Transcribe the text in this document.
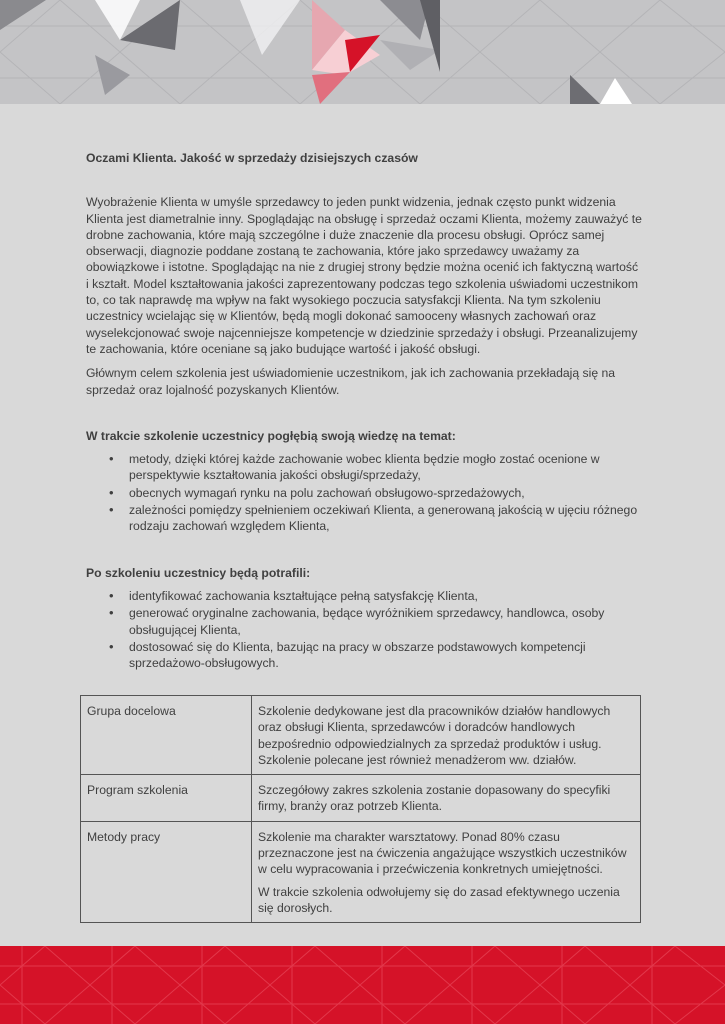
Oczami Klienta. Jakość w sprzedaży dzisiejszych czasów

Wyobrażenie Klienta w umyśle sprzedawcy to jeden punkt widzenia, jednak często punkt widzenia Klienta jest diametralnie inny. Spoglądając na obsługę i sprzedaż oczami Klienta, możemy zauważyć te drobne zachowania, które mają szczególne i duże znaczenie dla procesu obsługi. Oprócz samej obserwacji, diagnozie poddane zostaną te zachowania, które jako sprzedawcy uważamy za obowiązkowe i istotne. Spoglądając na nie z drugiej strony będzie można ocenić ich faktyczną wartość i kształt. Model kształtowania jakości zaprezentowany podczas tego szkolenia uświadomi uczestnikom to, co tak naprawdę ma wpływ na fakt wysokiego poczucia satysfakcji Klienta. Na tym szkoleniu uczestnicy wcielając się w Klientów, będą mogli dokonać samooceny własnych zachowań oraz wyselekcjonować swoje najcenniejsze kompetencje w dziedzinie sprzedaży i obsługi. Przeanalizujemy te zachowania, które oceniane są jako budujące wartość i jakość obsługi.

Głównym celem szkolenia jest uświadomienie uczestnikom, jak ich zachowania przekładają się na sprzedaż oraz lojalność pozyskanych Klientów.

W trakcie szkolenie uczestnicy pogłębią swoją wiedzę na temat:

• metody, dzięki której każde zachowanie wobec klienta będzie mogło zostać ocenione w perspektywie kształtowania jakości obsługi/sprzedaży,
• obecnych wymagań rynku na polu zachowań obsługowo-sprzedażowych,
• zależności pomiędzy spełnieniem oczekiwań Klienta, a generowaną jakością w ujęciu różnego rodzaju zachowań względem Klienta,

Po szkoleniu uczestnicy będą potrafili:

• identyfikować zachowania kształtujące pełną satysfakcję Klienta,
• generować oryginalne zachowania, będące wyróżnikiem sprzedawcy, handlowca, osoby obsługującej Klienta,
• dostosować się do Klienta, bazując na pracy w obszarze podstawowych kompetencji sprzedażowo-obsługowych.
Grupa docelowa	Szkolenie dedykowane jest dla pracowników działów handlowych oraz obsługi Klienta, sprzedawców i doradców handlowych bezpośrednio odpowiedzialnych za sprzedaż produktów i usług. Szkolenie polecane jest również menadżerom ww. działów.

Program szkolenia	Szczegółowy zakres szkolenia zostanie dopasowany do specyfiki firmy, branży oraz potrzeb Klienta.

Metody pracy	Szkolenie ma charakter warsztatowy. Ponad 80% czasu przeznaczone jest na ćwiczenia angażujące wszystkich uczestników w celu wypracowania i przećwiczenia konkretnych umiejętności.

W trakcie szkolenia odwołujemy się do zasad efektywnego uczenia się dorosłych.
